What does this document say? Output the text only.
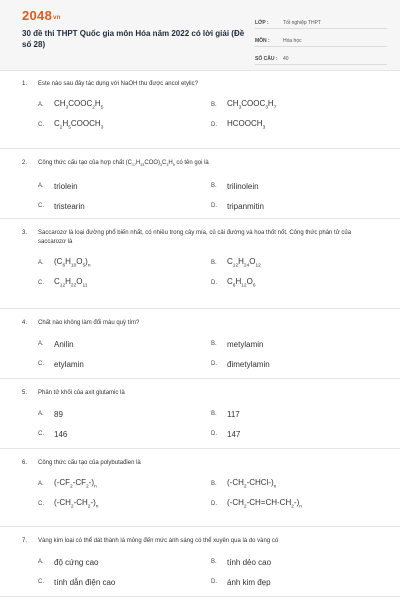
2048vn
30 đề thi THPT Quốc gia môn Hóa năm 2022 có lời giải (Đề số 28)
LỚP :	Tốt nghiệp THPT
MÔN :	Hóa học
SỐ CÂU :	40
1.	Este nào sau đây tác dụng với NaOH thu được ancol etylic?
A.	$CH_3COOC_2H_5$
B.	$CH_3COOC_3H_7$
C.	$C_2H_5COOCH_3$
D.	$HCOOCH_3$
2.	Công thức cấu tạo của hợp chất $(C_{17}H_{33}COO)_3C_3H_5$ có tên gọi là
A.	triolein	B.	trilinolein
C.	tristearin	D.	tripanmitin
3.	Saccarozơ là loại đường phổ biến nhất, có nhiều trong cây mía, củ cải đường và hoa thốt nốt. Công thức phân tử của saccarozơ là
A.	$(C_6H_{10}O_5)_n$
B.	$C_{12}H_{24}O_{12}$
C.	$C_{12}H_{22}O_{11}$
D.	$C_6H_{12}O_6$
4.	Chất nào không làm đổi màu quỳ tím?
A.	Anilin	B.	metylamin
C.	etylamin	D.	đimetylamin
5.	Phân tử khối của axit glutamic là
A.	89	B.	117
C.	146	D.	147
6.	Công thức cấu tạo của polybutađien là
A.	$(-CF_2-CF_2-)_n$
B.	$(-CH_2-CHCl-)_n$
C.	$(-CH_2-CH_2-)_n$
D.	$(-CH_2-CH=CH-CH_2-)_n$
7.	Vàng kim loại có thể dát thành lá mỏng đến mức ánh sáng có thể xuyên qua là do vàng có
A.	độ cứng cao	B.	tính dẻo cao
C.	tính dẫn điện cao	D.	ánh kim đẹp
